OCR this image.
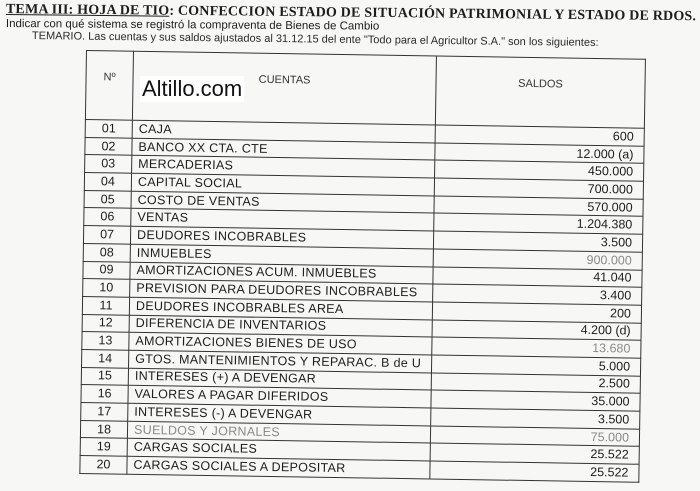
TEMA III: HOJA DE TIO: CONFECCION ESTADO DE SITUACIÓN PATRIMONIAL Y ESTADO DE RDOS.
Indicar con qué sistema se registró la compraventa de Bienes de Cambio
TEMARIO. Las cuentas y sus saldos ajustados al 31.12.15 del ente "Todo para el Agricultor S.A." son los siguientes:
Altillo.com
Nº	CUENTAS	SALDOS
01	CAJA	600
02	BANCO XX CTA. CTE	12.000 (a)
03	MERCADERIAS	450.000
04	CAPITAL SOCIAL	700.000
05	COSTO DE VENTAS	570.000
06	VENTAS	1.204.380
07	DEUDORES INCOBRABLES	3.500
08	INMUEBLES	900.000
09	AMORTIZACIONES ACUM. INMUEBLES	41.040
10	PREVISION PARA DEUDORES INCOBRABLES	3.400
11	DEUDORES INCOBRABLES AREA	200
12	DIFERENCIA DE INVENTARIOS	4.200 (d)
13	AMORTIZACIONES BIENES DE USO	13.680
14	GTOS. MANTENIMIENTOS Y REPARAC. B de U	5.000
15	INTERESES (+) A DEVENGAR	2.500
16	VALORES A PAGAR DIFERIDOS	35.000
17	INTERESES (-) A DEVENGAR	3.500
18	SUELDOS Y JORNALES	75.000
19	CARGAS SOCIALES	25.522
20	CARGAS SOCIALES A DEPOSITAR	25.522
